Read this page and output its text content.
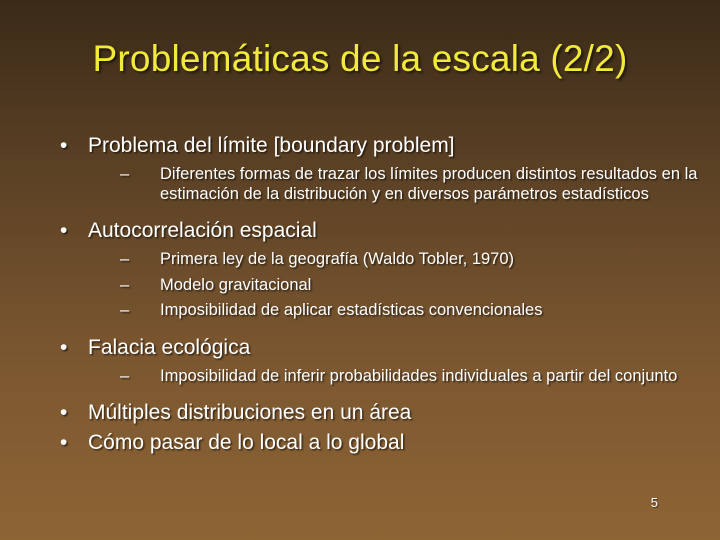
Problemáticas de la escala (2/2)
• Problema del límite [boundary problem]
– Diferentes formas de trazar los límites producen distintos resultados en la estimación de la distribución y en diversos parámetros estadísticos
• Autocorrelación espacial
– Primera ley de la geografía (Waldo Tobler, 1970)
– Modelo gravitacional
– Imposibilidad de aplicar estadísticas convencionales
• Falacia ecológica
– Imposibilidad de inferir probabilidades individuales a partir del conjunto
• Múltiples distribuciones en un área
• Cómo pasar de lo local a lo global
5
